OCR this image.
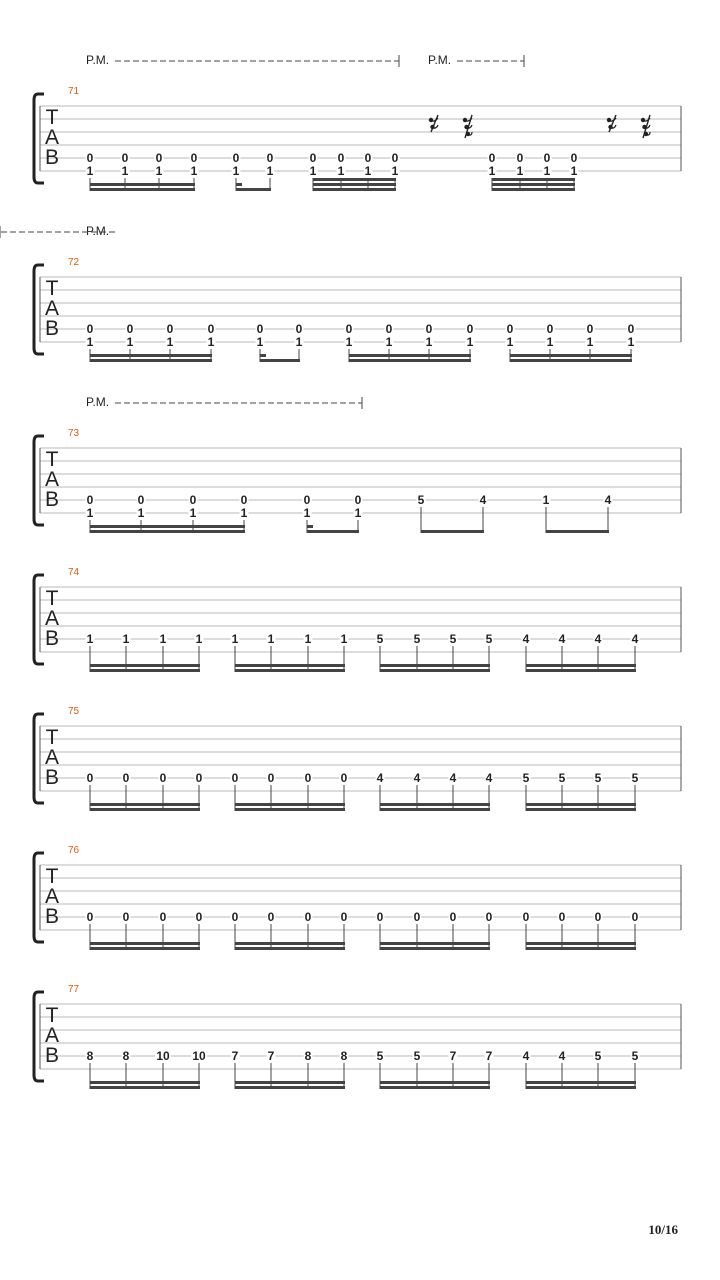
T
A
B
71
P.M.	P.M.
0
1
0
1
0
1
0
1
0
1
0
1
0
1
0
1
0
1
0
1
0
1
0
1
0
1
0
1
T
A
B
72
P.M.
0
1
0
1
0
1
0
1
0
1
0
1
0
1
0
1
0
1
0
1
0
1
0
1
0
1
0
1
T
A
B
73
P.M.
0
1
0
1
0
1
0
1
0
1
0
1
5	4	1	4
T
A
B
74
1 1	1 1 1 1	1 1 5	5 5 5	4 4 4	4
T
A
B
75
0 0	0 0 0 0	0 0 4	4 4 4	5 5 5	5
T
A
B
76
0 0	0 0 0 0	0 0 0	0 0 0	0 0 0	0
T
A
B
77
8 8 10 10 7 7	8 8 5	5 7 7	4 4 5	5
10/16
